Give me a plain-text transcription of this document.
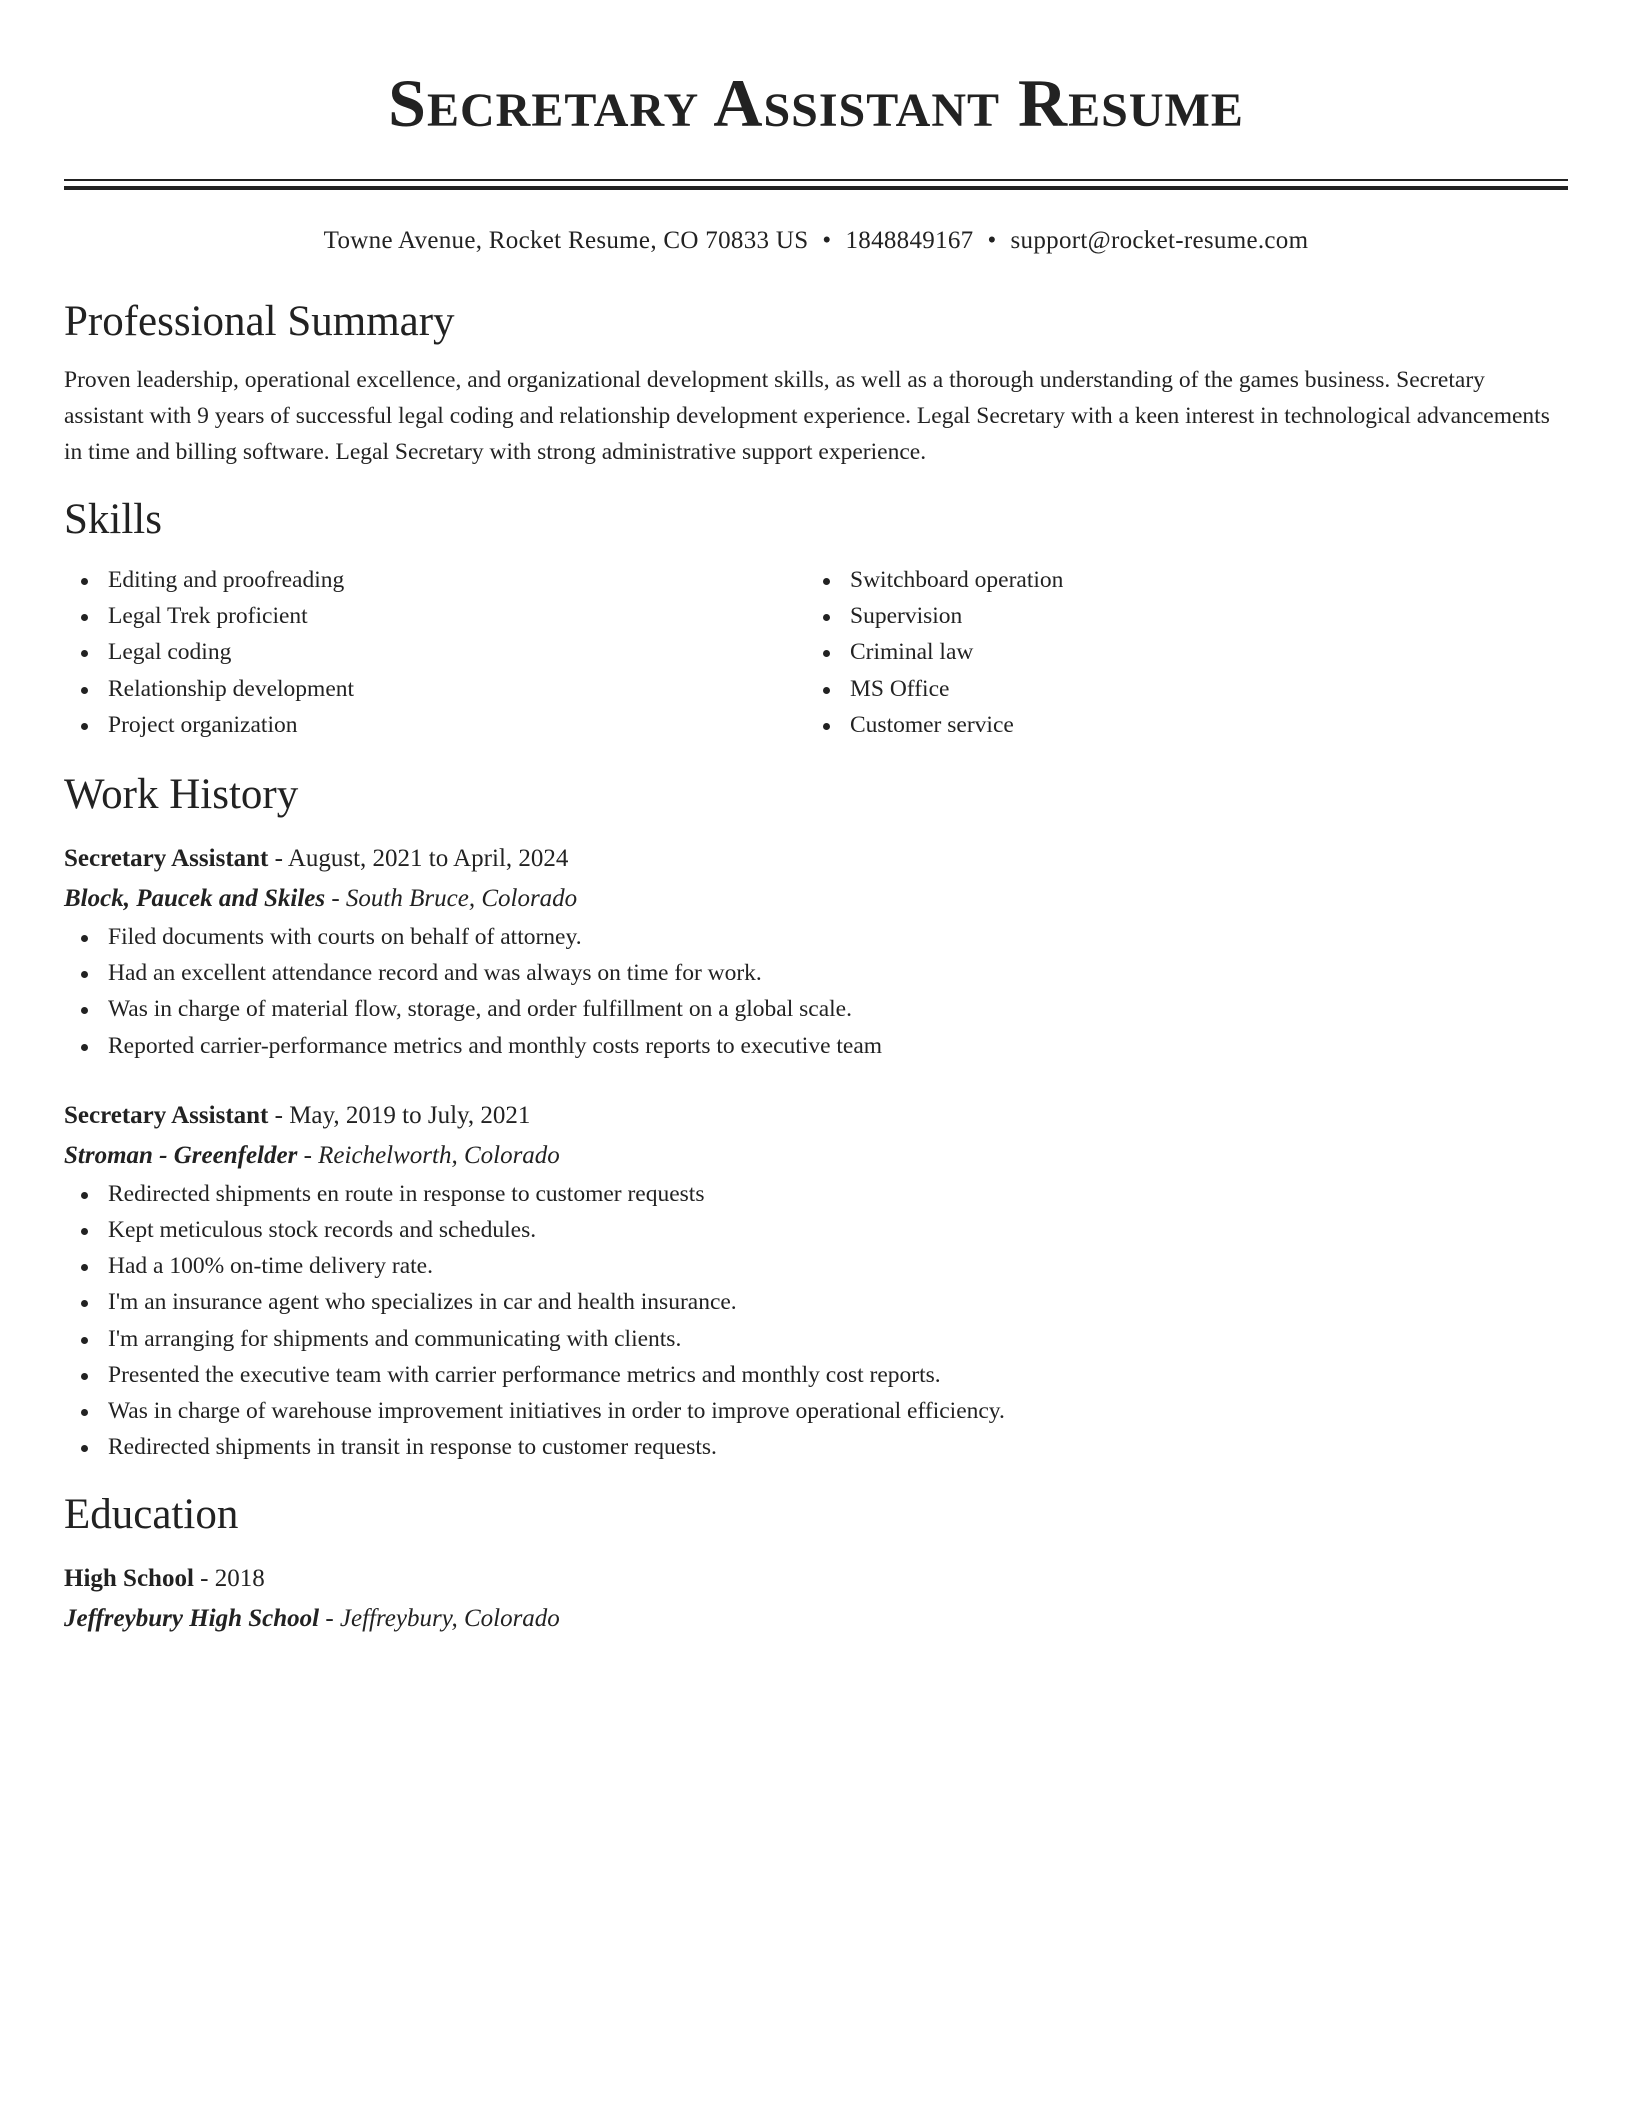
Secretary Assistant Resume
Towne Avenue, Rocket Resume, CO 70833 US • 1848849167 • support@rocket-resume.com
Professional Summary

Proven leadership, operational excellence, and organizational development skills, as well as a thorough understanding of the games business. Secretary assistant with 9 years of successful legal coding and relationship development experience. Legal Secretary with a keen interest in technological advancements in time and billing software. Legal Secretary with strong administrative support experience.

Skills
Editing and proofreading
Legal Trek proficient
Legal coding
Relationship development
Project organization
Switchboard operation
Supervision
Criminal law
MS Office
Customer service
Work History
Secretary Assistant - August, 2021 to April, 2024
Block, Paucek and Skiles - South Bruce, Colorado
Filed documents with courts on behalf of attorney.
Had an excellent attendance record and was always on time for work.
Was in charge of material flow, storage, and order fulfillment on a global scale.
Reported carrier-performance metrics and monthly costs reports to executive team
Secretary Assistant - May, 2019 to July, 2021
Stroman - Greenfelder - Reichelworth, Colorado
Redirected shipments en route in response to customer requests
Kept meticulous stock records and schedules.
Had a 100% on-time delivery rate.
I'm an insurance agent who specializes in car and health insurance.
I'm arranging for shipments and communicating with clients.
Presented the executive team with carrier performance metrics and monthly cost reports.
Was in charge of warehouse improvement initiatives in order to improve operational efficiency.
Redirected shipments in transit in response to customer requests.
Education
High School - 2018
Jeffreybury High School - Jeffreybury, Colorado
